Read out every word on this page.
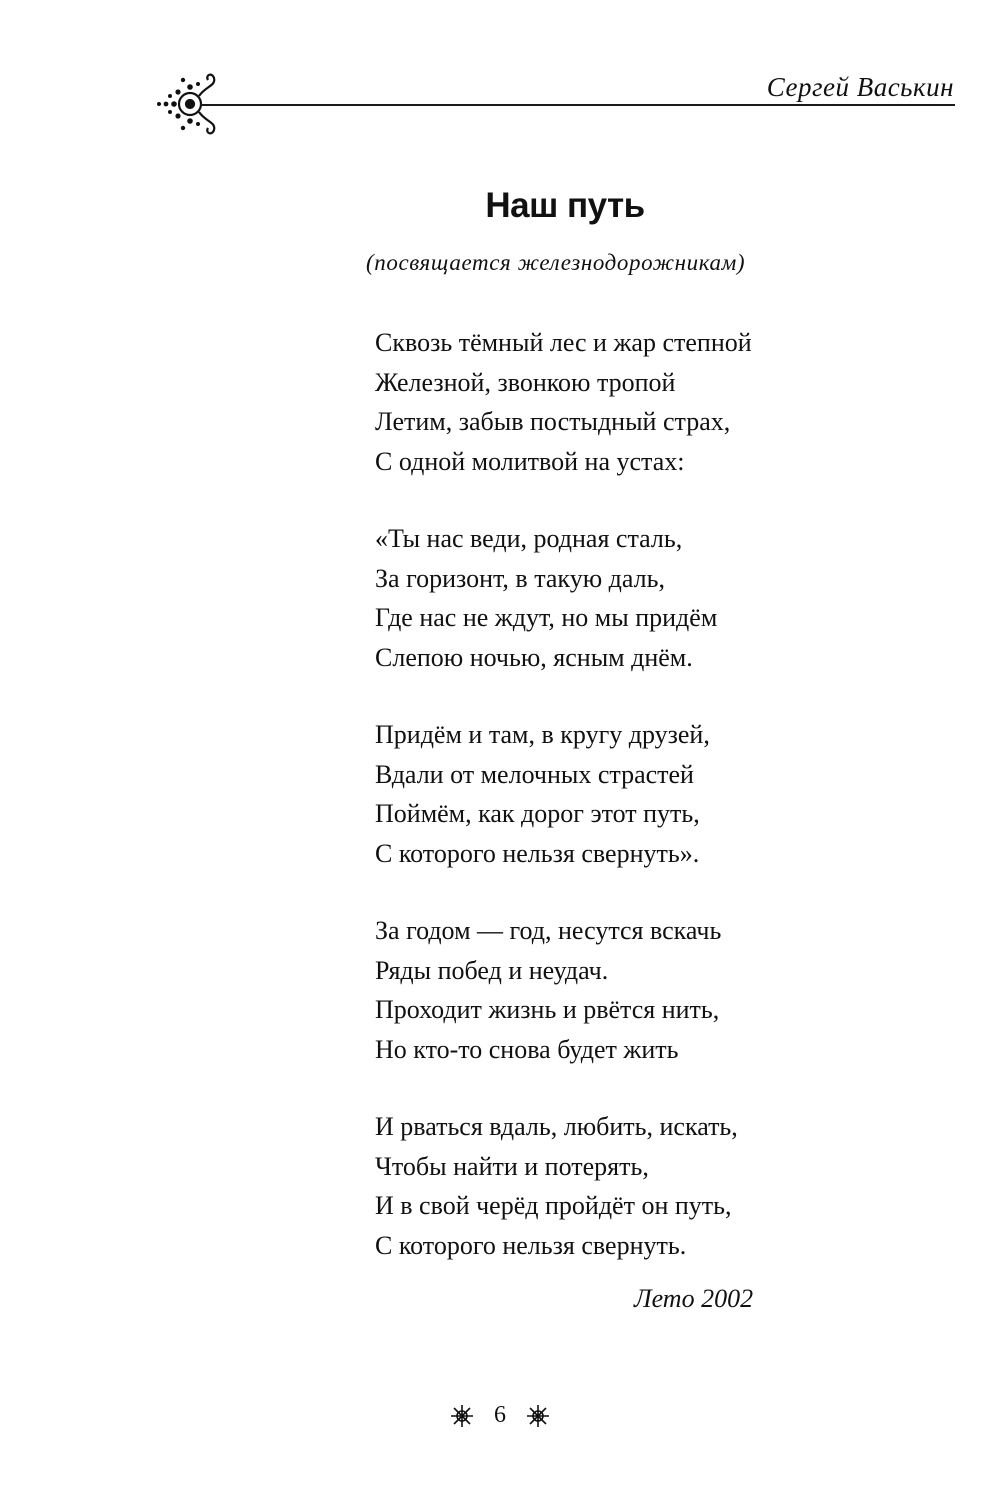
Сергей Васькин
Наш путь
(посвящается железнодорожникам)
Сквозь тёмный лес и жар степной
Железной, звонкою тропой
Летим, забыв постыдный страх,
С одной молитвой на устах:
«Ты нас веди, родная сталь,
За горизонт, в такую даль,
Где нас не ждут, но мы придём
Слепою ночью, ясным днём.
Придём и там, в кругу друзей,
Вдали от мелочных страстей
Поймём, как дорог этот путь,
С которого нельзя свернуть».
За годом — год, несутся вскачь
Ряды побед и неудач.
Проходит жизнь и рвётся нить,
Но кто-то снова будет жить
И рваться вдаль, любить, искать,
Чтобы найти и потерять,
И в свой черёд пройдёт он путь,
С которого нельзя свернуть.
Лето 2002
6
